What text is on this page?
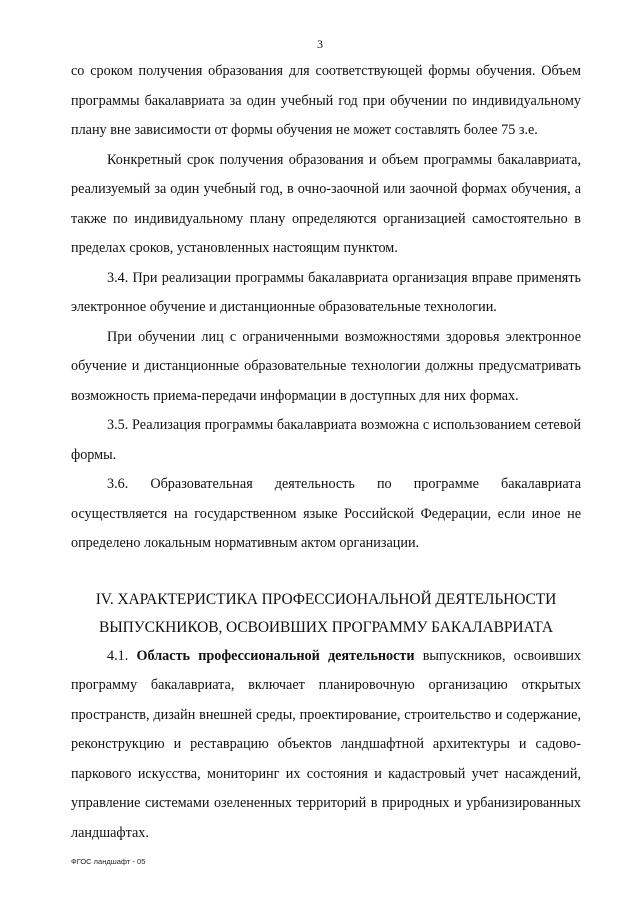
3

со сроком получения образования для соответствующей формы обучения. Объем программы бакалавриата за один учебный год при обучении по индивидуальному плану вне зависимости от формы обучения не может составлять более 75 з.е.

Конкретный срок получения образования и объем программы бакалавриата, реализуемый за один учебный год, в очно-заочной или заочной формах обучения, а также по индивидуальному плану определяются организацией самостоятельно в пределах сроков, установленных настоящим пунктом.

3.4. При реализации программы бакалавриата организация вправе применять электронное обучение и дистанционные образовательные технологии.

При обучении лиц с ограниченными возможностями здоровья электронное обучение и дистанционные образовательные технологии должны предусматривать возможность приема-передачи информации в доступных для них формах.

3.5. Реализация программы бакалавриата возможна с использованием сетевой формы.

3.6. Образовательная деятельность по программе бакалавриата осуществляется на государственном языке Российской Федерации, если иное не определено локальным нормативным актом организации.

IV. ХАРАКТЕРИСТИКА ПРОФЕССИОНАЛЬНОЙ ДЕЯТЕЛЬНОСТИ
ВЫПУСКНИКОВ, ОСВОИВШИХ ПРОГРАММУ БАКАЛАВРИАТА

4.1. Область профессиональной деятельности выпускников, освоивших программу бакалавриата, включает планировочную организацию открытых пространств, дизайн внешней среды, проектирование, строительство и содержание, реконструкцию и реставрацию объектов ландшафтной архитектуры и садово-паркового искусства, мониторинг их состояния и кадастровый учет насаждений, управление системами озелененных территорий в природных и урбанизированных ландшафтах.

ФГОС ландшафт - 05
